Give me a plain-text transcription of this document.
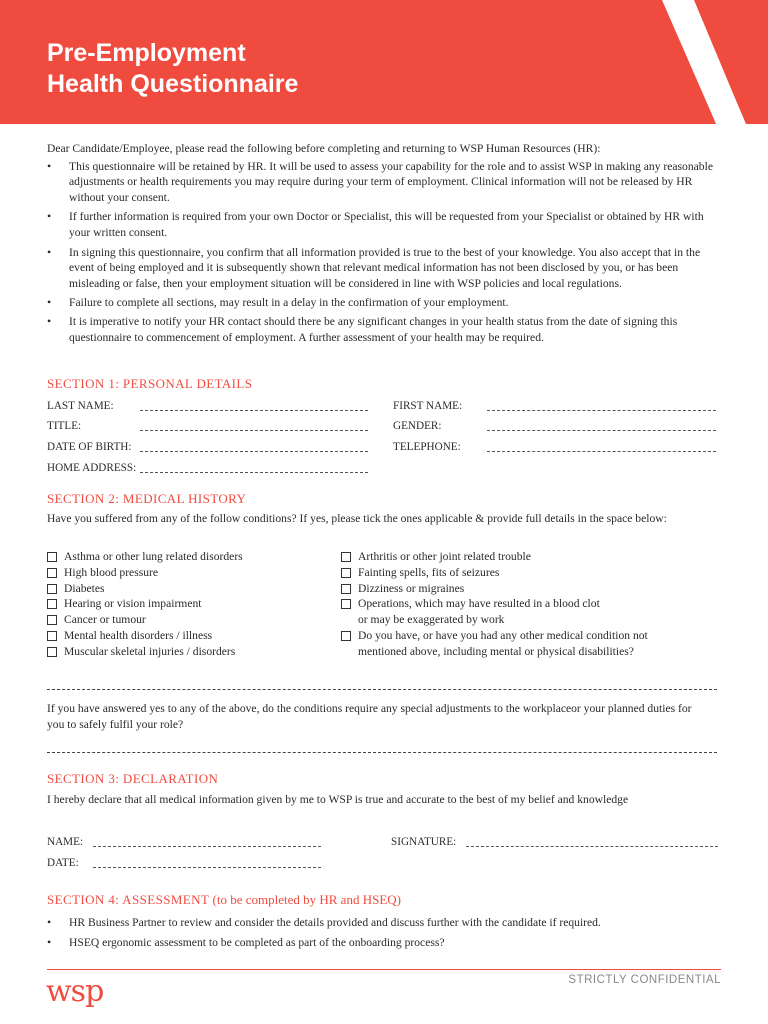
Pre-Employment
Health Questionnaire
Dear Candidate/Employee, please read the following before completing and returning to WSP Human Resources (HR):
• This questionnaire will be retained by HR. It will be used to assess your capability for the role and to assist WSP in making any reasonable adjustments or health requirements you may require during your term of employment. Clinical information will not be released by HR without your consent.
• If further information is required from your own Doctor or Specialist, this will be requested from your Specialist or obtained by HR with your written consent.
• In signing this questionnaire, you confirm that all information provided is true to the best of your knowledge. You also accept that in the event of being employed and it is subsequently shown that relevant medical information has not been disclosed by you, or has been misleading or false, then your employment situation will be considered in line with WSP policies and local regulations.
• Failure to complete all sections, may result in a delay in the confirmation of your employment.
• It is imperative to notify your HR contact should there be any significant changes in your health status from the date of signing this questionnaire to commencement of employment. A further assessment of your health may be required.
SECTION 1: PERSONAL DETAILS
LAST NAME:
TITLE:
DATE OF BIRTH:
HOME ADDRESS:
FIRST NAME:
GENDER:
TELEPHONE:
SECTION 2: MEDICAL HISTORY
Have you suffered from any of the follow conditions? If yes, please tick the ones applicable & provide full details in the space below:
Asthma or other lung related disorders
High blood pressure
Diabetes
Hearing or vision impairment
Cancer or tumour
Mental health disorders / illness
Muscular skeletal injuries / disorders
Arthritis or other joint related trouble
Fainting spells, fits of seizures
Dizziness or migraines
Operations, which may have resulted in a blood clot
or may be exaggerated by work
Do you have, or have you had any other medical condition not
mentioned above, including mental or physical disabilities?
If you have answered yes to any of the above, do the conditions require any special adjustments to the workplaceor your planned duties for you to safely fulfil your role?
SECTION 3: DECLARATION
I hereby declare that all medical information given by me to WSP is true and accurate to the best of my belief and knowledge
NAME:
DATE:
SIGNATURE:
SECTION 4: ASSESSMENT (to be completed by HR and HSEQ)
• HR Business Partner to review and consider the details provided and discuss further with the candidate if required.
• HSEQ ergonomic assessment to be completed as part of the onboarding process?
wsp	STRICTLY CONFIDENTIAL
